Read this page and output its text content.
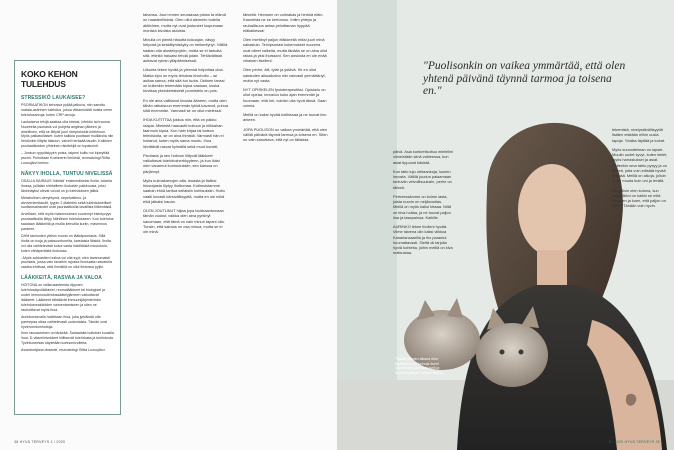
KOKO KEHON TULEHDUS
STRESSIKÖ LAUKAISEE?

PSORIAATIKON kehossa pyllää jatkuva, niin sanottu matala-asteinen tulehdus, jokoa viittaminäitä noista veren tulehdusarvoja, kuten CRP-arvoja.

Laukaiseva tekijä saattaa olla stressi, infektio tai trauma. Nuoreella psoriasis voi puhjeta angiinan jälkeen ja aineillinen, että se liittyisi juuri streptokokki-infektioon. Myös palkatuillaiset: kuten kaikkia puuttaan muillaiolla niin heidönkin liittyisi tilatoon, vaiveli heräsää taudin. Kaikkien psoriaatikoiden ylhteinen riskitekijä on tupakointi.

– Jonkun ryppöistyyen poisa, taipeni kuiltu voi kipeyttää psorin. Puhuttaan Koebnerin ilmiöstä, reumatologi Riitta Luosujärvi kertoo.

NÄKYY IHOLLA, TUNTUU NIVELISSÄ

OSALLA SAIRAUS 'häiriää' ensimmäiseksi iholla, toisella ihossa, joillakin sirhtailleen ihokalvin paikkuusia, joksi tänkinäyksi olevat voivat on jo tulehduksen jälkiä.

Metabolinen oireyhtymä, sepelvaltimo- ja aivoveriemitaudit, tyypin 2 diabetes sekä tulehdukselliset suolistosairaudet ovat psoriaatikoilla tavallisia liitännäisiä.

Arvellaan, että myös masennuksen suurempi esiintyvyys psoriaatikoilla liittyy häiriöisen tulehdukseen. Kun tulehdus saadaan lääkkeillä ja muilla keinoilla kuriin, masennus paranee.

DHM tasinuden yleisin muoto on lääkäpsoriasis. Sillä iholla on isoja ja paksuuntuneita, karstaisia läiskiä. Iholta voi olla vaihtelevasti kuiva vasta mädhäisiä muutoksia, kuten vähäperäistä ihokossa.

–Myös sokkastien hoitoa voi olla syyt; oien tavanomaisti psoriasis, jossa vain tavarkin rajossa ihossasta rasvatulla vaalea-ehtiivaa, että ihmisillä on ollut tiedossa pyjiin.

LÄÄKKEITÄ, RASVAA JA VALOA

HOITONA on vaikeusasteesta riippuen tulehduskipulääkkeet, reumalääkkeet tai biologiset ja uudet immunotulehdussäätelyjämeen vaikuttavat lääkkeet. Lääkkeet tähtäävät immuunijärjestelmän tulehdusreaktioiden vaimentamiseen ja siten ne rauhoittavat myös ihoa.

Aurinkorasvalla hoidetaan ihoa, joka jyrkäisää olla parempaa ottaa vaihtelevasti uudenlaisia. Tämän ovat hyvinvointoinhoitoja.

Ihon rasvaaminen on tärkeää. Sairaalalta hoitoiset kuusilla ihoa. D-vitamiinivoideet hillitsevät tulehdusta ja tulehdusta. Tyvintuoeesas käytetään kortisonivoiteita.

Asiantuntijana dosentti, reumatologi Riitta Luosujärvi.

tahansa. Juuri ennen seuraavaa pistos ta elämä on haasteellisinta. Olen ollut aiemmin todella aktiivinen, mutta nyt ovat joutuneet luopumaan monista kivoista asioista.

Minulla on pientä hitautta kokoajan, väsyy helposti ja keskittymiskyky on heikentynyt. Välillä saatan olla alustekyvytön, mutta se ei tarkoita sitä, etteikö haluaisi tehdä jotain. Tehtävälistat auttavat rytmin ylläpitämisessä.

Liikunta tekee hyvää ja yleensä helpottaa oloa. Matka kipu on myös tehokas kivuhoito – se auttaa sanoa, että sää tuo tuota. Ostinen tanssi on kuitenkin tekemään kipua vastaan, koska kivuissa yksinkertaisesti ponnistelu on pois.

En ole aina valittanut kivusta ääneen, mutta olen tähän ratkaisuun enemmän tykkä kavanut, puhua siitä enemmän. Varmasti se on ollut mielessä.

IHOA KUTITTAA jokkus niin, että on pakko raapia. Mielestä haavautti kokuun ja nilkkahan taannoin kipua. Kun hain kirjaa tai katson televisioita, se on aina ihmistä. Varmasti hän ei hoitanut, kuten myös sama muotu. Ihoa lievittävät rasvat kylmällä sekä muut konstit.

Psoriasis ja sen hoitoon liittyvät lääkkeet vaikuttavat tulehdusherkkyyteen, ja kun ikäsi olen varannut kuntoutuksiin, sen kanssa on pärjännyt.

Myös kulmakarvojen alta, leuasta ja lisäksi hiusrajasta löytyy ihottumaa. Kotimuistamme saatoin ehkä tarttua sellaisiin kohtauksiin. Hoito vaatii kovasti kärsivällisyyttä, mutta en ole mikä eikä jatkaisi kauan.

OLEN JOUTUNUT hiljaa jopa loukkaantumaan tämän vuoksi; vaikka olen aina pyrkinyt sanomaan, että tämä on vain minun tapani olla. Tunsin, että sairaus on osa minua, mutta se ei ole minä.

tärkeitä. Hevosen on voimakas ja herkkä eläin. Kauneista ne se kertomuu. Intiim yhteys ja rauhallisuus antaa peloittaman hyppää eläkaikessa!

Olen miettinyt paljon eläkkeellä miksi juuri minä sairastuin. Teinipsoriasi kokemukset nuorena ovat olleet vaikeita, mutta tänään se on aina ollut rakas ja yksi ihoissani. Sen ansiosta en ole enää vihainen itselleni.

Olen perhe, äiti, tytär ja ystävä. Se en ollut sairauden alkuaikoina niin vahvasti ymmärtänyt, mutta nyt vasta.

NYT OPISKELEN fysioterapeutiksi. Opiskelu on ollut upeaa, innostun koko ajan enemmän ja huomaan, että hei, voinkin olla hyvä tässä. Saan voimia.

Meillä on kaksi hyvää kotikissaa ja ne tuovat ilon arkeen.

JOPA PUOLISON on vaikea ymmärtää, että olen välillä päivänä täynnä tarmoa ja toisena en. Siten on vain sanottava, että nyt on tällaista.

38 HYVÄ TERVEYS 1 / 2020
"Puolisonkin on vaikea ymmärtää, että olen yhtenä päivänä täynnä tarmoa ja toisena en."

päivä. Asia konkretisoituu mielellini viimeistään siinä vaiheessa, kun asiat tippuvat käsistä.

Kun taito tuju otetaankuja, kuulen innosta. Välillä joudun palaamaan tuntuviin velvollisuuksiin, perhe on tärkeä.

Perheessämme on kolme lasta, joista nuorin on neljävuotias. Meillä on myös kaksi kissaa. Niitä on kiva hoitaa, ja ne tuovat paljon iloa ja tasapainoa. Kaikille.

AURINKO tekee iholleni hyvää. Viime talvena olin kaksi viikkoa Kanariansaarilla ja iho parantui huomattavasti. Sieltä oli tarjolla hyviä kohteita, joihin meillä on kiva matkustaa.

tekemistä, nivelystävällisyyttä lisäten etsitään niihin uusia tapoja. Yöaika täyttää ja koirat.

Myös suunnitelman on lapset. Muutin uudet kyvyt, kuten kielet, myös harrastukset ja asiat. Kuitenkin oma tahto pysyy ja on tärkeä, jotta voin edistää hyvää elämää. Meillä on aikoja, jolloin ei ole muuta kuin uni ja levätä.

Onnellisin olen kotona, kun ympärilläni on kaikki se mitä tarvitsen ja koen, että paljon on hyvin. Tänään voin hyvin.

"Valtaa päivien aikana olen löytänyt uusia keinoja itseni kuunteluun, ja kissat Nelli ja Rauha auttavat" kertoo Rauha.
2 / 2020 HYVÄ TERVEYS 39
